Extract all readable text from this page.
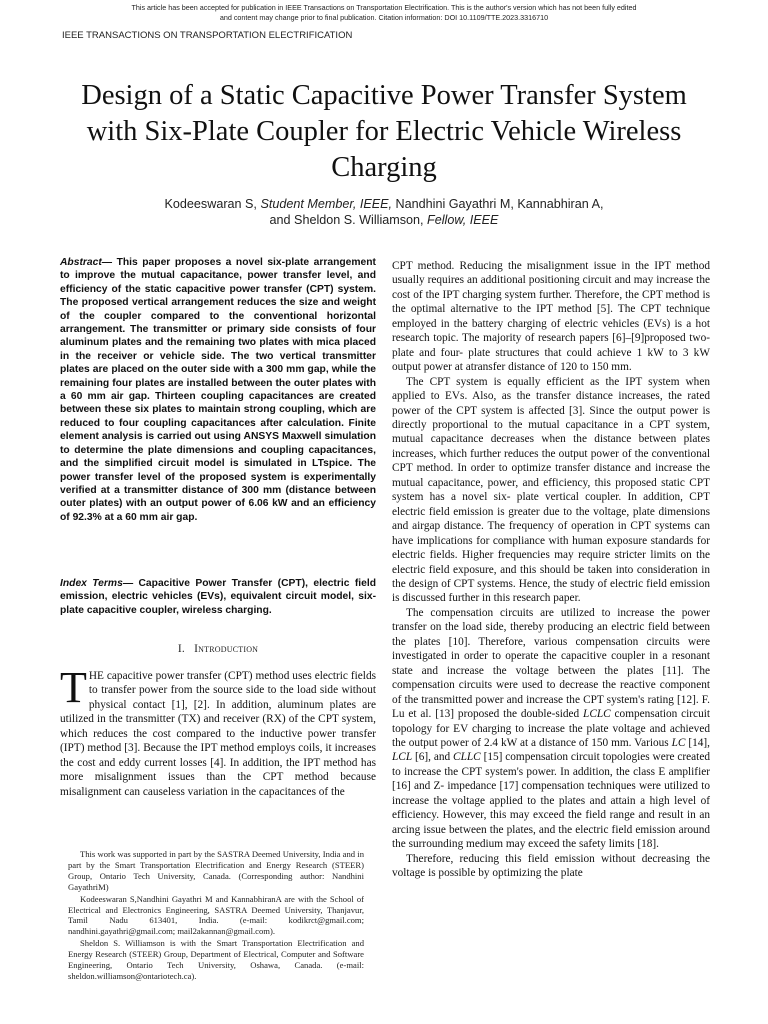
This article has been accepted for publication in IEEE Transactions on Transportation Electrification. This is the author's version which has not been fully edited
and content may change prior to final publication. Citation information: DOI 10.1109/TTE.2023.3316710
IEEE TRANSACTIONS ON TRANSPORTATION ELECTRIFICATION
Design of a Static Capacitive Power Transfer System with Six-Plate Coupler for Electric Vehicle Wireless Charging
Kodeeswaran S, Student Member, IEEE, Nandhini Gayathri M, Kannabhiran A,
and Sheldon S. Williamson, Fellow, IEEE
Abstract— This paper proposes a novel six-plate arrangement to improve the mutual capacitance, power transfer level, and efficiency of the static capacitive power transfer (CPT) system. The proposed vertical arrangement reduces the size and weight of the coupler compared to the conventional horizontal arrangement. The transmitter or primary side consists of four aluminum plates and the remaining two plates with mica placed in the receiver or vehicle side. The two vertical transmitter plates are placed on the outer side with a 300 mm gap, while the remaining four plates are installed between the outer plates with a 60 mm air gap. Thirteen coupling capacitances are created between these six plates to maintain strong coupling, which are reduced to four coupling capacitances after calculation. Finite element analysis is carried out using ANSYS Maxwell simulation to determine the plate dimensions and coupling capacitances, and the simplified circuit model is simulated in LTspice. The power transfer level of the proposed system is experimentally verified at a transmitter distance of 300 mm (distance between outer plates) with an output power of 6.06 kW and an efficiency of 92.3% at a 60 mm air gap.
Index Terms— Capacitive Power Transfer (CPT), electric field emission, electric vehicles (EVs), equivalent circuit model, six-plate capacitive coupler, wireless charging.
I. Introduction
THE capacitive power transfer (CPT) method uses electric fields to transfer power from the source side to the load side without physical contact [1], [2]. In addition, aluminum plates are utilized in the transmitter (TX) and receiver (RX) of the CPT system, which reduces the cost compared to the inductive power transfer (IPT) method [3]. Because the IPT method employs coils, it increases the cost and eddy current losses [4]. In addition, the IPT method has more misalignment issues than the CPT method because misalignment can causeless variation in the capacitances of the

This work was supported in part by the SASTRA Deemed University, India and in part by the Smart Transportation Electrification and Energy Research (STEER) Group, Ontario Tech University, Canada. (Corresponding author: Nandhini GayathriM)

Kodeeswaran S,Nandhini Gayathri M and KannabhiranA are with the School of Electrical and Electronics Engineering, SASTRA Deemed University, Thanjavur, Tamil Nadu 613401, India. (e-mail: kodikrct@gmail.com; nandhini.gayathri@gmail.com; mail2akannan@gmail.com).

Sheldon S. Williamson is with the Smart Transportation Electrification and Energy Research (STEER) Group, Department of Electrical, Computer and Software Engineering, Ontario Tech University, Oshawa, Canada. (e-mail: sheldon.williamson@ontariotech.ca).

CPT method. Reducing the misalignment issue in the IPT method usually requires an additional positioning circuit and may increase the cost of the IPT charging system further. Therefore, the CPT method is the optimal alternative to the IPT method [5]. The CPT technique employed in the battery charging of electric vehicles (EVs) is a hot research topic. The majority of research papers [6]–[9]proposed two-plate and four- plate structures that could achieve 1 kW to 3 kW output power at atransfer distance of 120 to 150 mm.

The CPT system is equally efficient as the IPT system when applied to EVs. Also, as the transfer distance increases, the rated power of the CPT system is affected [3]. Since the output power is directly proportional to the mutual capacitance in a CPT system, mutual capacitance decreases when the distance between plates increases, which further reduces the output power of the conventional CPT method. In order to optimize transfer distance and increase the mutual capacitance, power, and efficiency, this proposed static CPT system has a novel six- plate vertical coupler. In addition, CPT electric field emission is greater due to the voltage, plate dimensions and airgap distance. The frequency of operation in CPT systems can have implications for compliance with human exposure standards for electric fields. Higher frequencies may require stricter limits on the electric field exposure, and this should be taken into consideration in the design of CPT systems. Hence, the study of electric field emission is discussed further in this research paper.

The compensation circuits are utilized to increase the power transfer on the load side, thereby producing an electric field between the plates [10]. Therefore, various compensation circuits were investigated in order to operate the capacitive coupler in a resonant state and increase the voltage between the plates [11]. The compensation circuits were used to decrease the reactive component of the transmitted power and increase the CPT system's rating [12]. F. Lu et al. [13] proposed the double-sided LCLC compensation circuit topology for EV charging to increase the plate voltage and achieved the output power of 2.4 kW at a distance of 150 mm. Various LC [14], LCL [6], and CLLC [15] compensation circuit topologies were created to increase the CPT system's power. In addition, the class E amplifier [16] and Z- impedance [17] compensation techniques were utilized to increase the voltage applied to the plates and attain a high level of efficiency. However, this may exceed the field range and result in an arcing issue between the plates, and the electric field emission around the surrounding medium may exceed the safety limits [18].

Therefore, reducing this field emission without decreasing the voltage is possible by optimizing the plate
